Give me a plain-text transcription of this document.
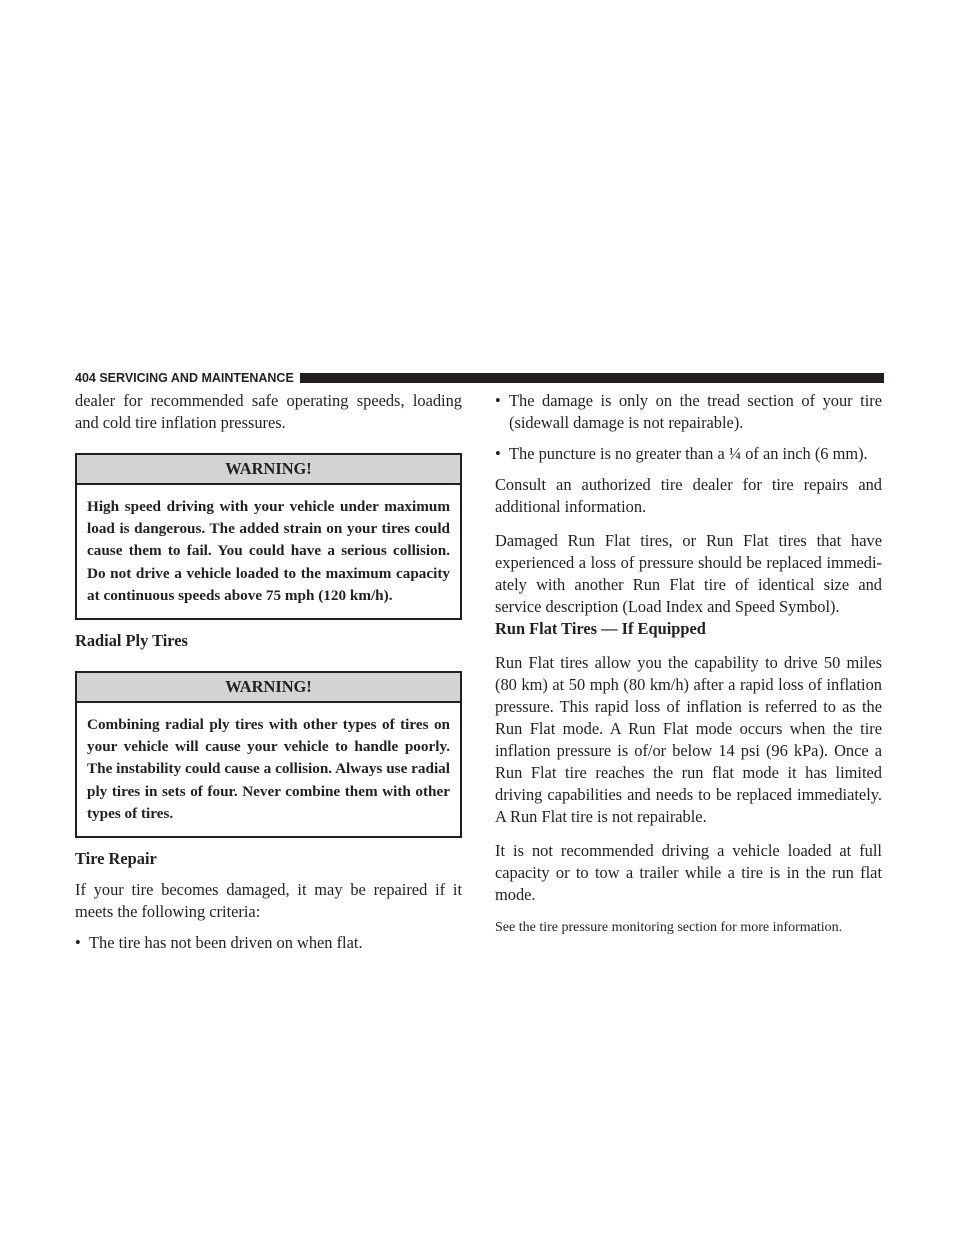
404 SERVICING AND MAINTENANCE

dealer for recommended safe operating speeds, loading and cold tire inflation pressures.

WARNING!
High speed driving with your vehicle under maximum load is dangerous. The added strain on your tires could cause them to fail. You could have a serious collision. Do not drive a vehicle loaded to the maximum capacity at continuous speeds above 75 mph (120 km/h).
Radial Ply Tires
WARNING!
Combining radial ply tires with other types of tires on your vehicle will cause your vehicle to handle poorly. The instability could cause a collision. Always use radial ply tires in sets of four. Never combine them with other types of tires.
Tire Repair

If your tire becomes damaged, it may be repaired if it meets the following criteria:

• The tire has not been driven on when flat.
• The damage is only on the tread section of your tire (sidewall damage is not repairable).
• The puncture is no greater than a ¼ of an inch (6 mm).

Consult an authorized tire dealer for tire repairs and additional information.

Damaged Run Flat tires, or Run Flat tires that have experienced a loss of pressure should be replaced immedi- ately with another Run Flat tire of identical size and service description (Load Index and Speed Symbol).

Run Flat Tires — If Equipped

Run Flat tires allow you the capability to drive 50 miles (80 km) at 50 mph (80 km/h) after a rapid loss of inflation pressure. This rapid loss of inflation is referred to as the Run Flat mode. A Run Flat mode occurs when the tire inflation pressure is of/or below 14 psi (96 kPa). Once a Run Flat tire reaches the run flat mode it has limited driving capabilities and needs to be replaced immediately. A Run Flat tire is not repairable.

It is not recommended driving a vehicle loaded at full capacity or to tow a trailer while a tire is in the run flat mode.

See the tire pressure monitoring section for more information.
